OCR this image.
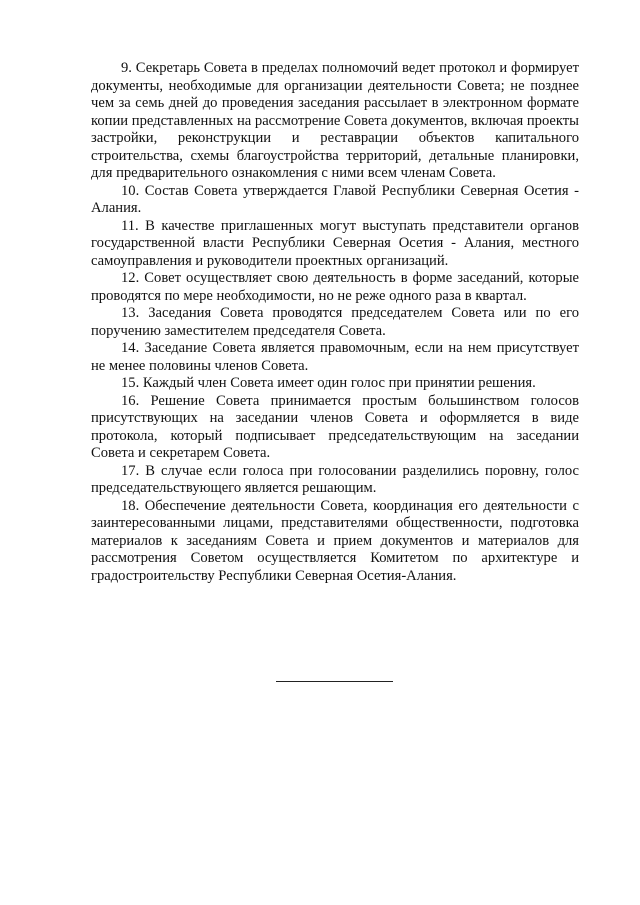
9. Секретарь Совета в пределах полномочий ведет протокол и формирует документы, необходимые для организации деятельности Совета; не позднее чем за семь дней до проведения заседания рассылает в электронном формате копии представленных на рассмотрение Совета документов, включая проекты застройки, реконструкции и реставрации объектов капитального строительства, схемы благоустройства территорий, детальные планировки, для предварительного ознакомления с ними всем членам Совета.

10. Состав Совета утверждается Главой Республики Северная Осетия - Алания.

11. В качестве приглашенных могут выступать представители органов государственной власти Республики Северная Осетия - Алания, местного самоуправления и руководители проектных организаций.

12. Совет осуществляет свою деятельность в форме заседаний, которые проводятся по мере необходимости, но не реже одного раза в квартал.

13. Заседания Совета проводятся председателем Совета или по его поручению заместителем председателя Совета.

14. Заседание Совета является правомочным, если на нем присутствует не менее половины членов Совета.

15. Каждый член Совета имеет один голос при принятии решения.

16. Решение Совета принимается простым большинством голосов присутствующих на заседании членов Совета и оформляется в виде протокола, который подписывает председательствующим на заседании Совета и секретарем Совета.

17. В случае если голоса при голосовании разделились поровну, голос председательствующего является решающим.

18. Обеспечение деятельности Совета, координация его деятельности с заинтересованными лицами, представителями общественности, подготовка материалов к заседаниям Совета и прием документов и материалов для рассмотрения Советом осуществляется Комитетом по архитектуре и градостроительству Республики Северная Осетия-Алания.
